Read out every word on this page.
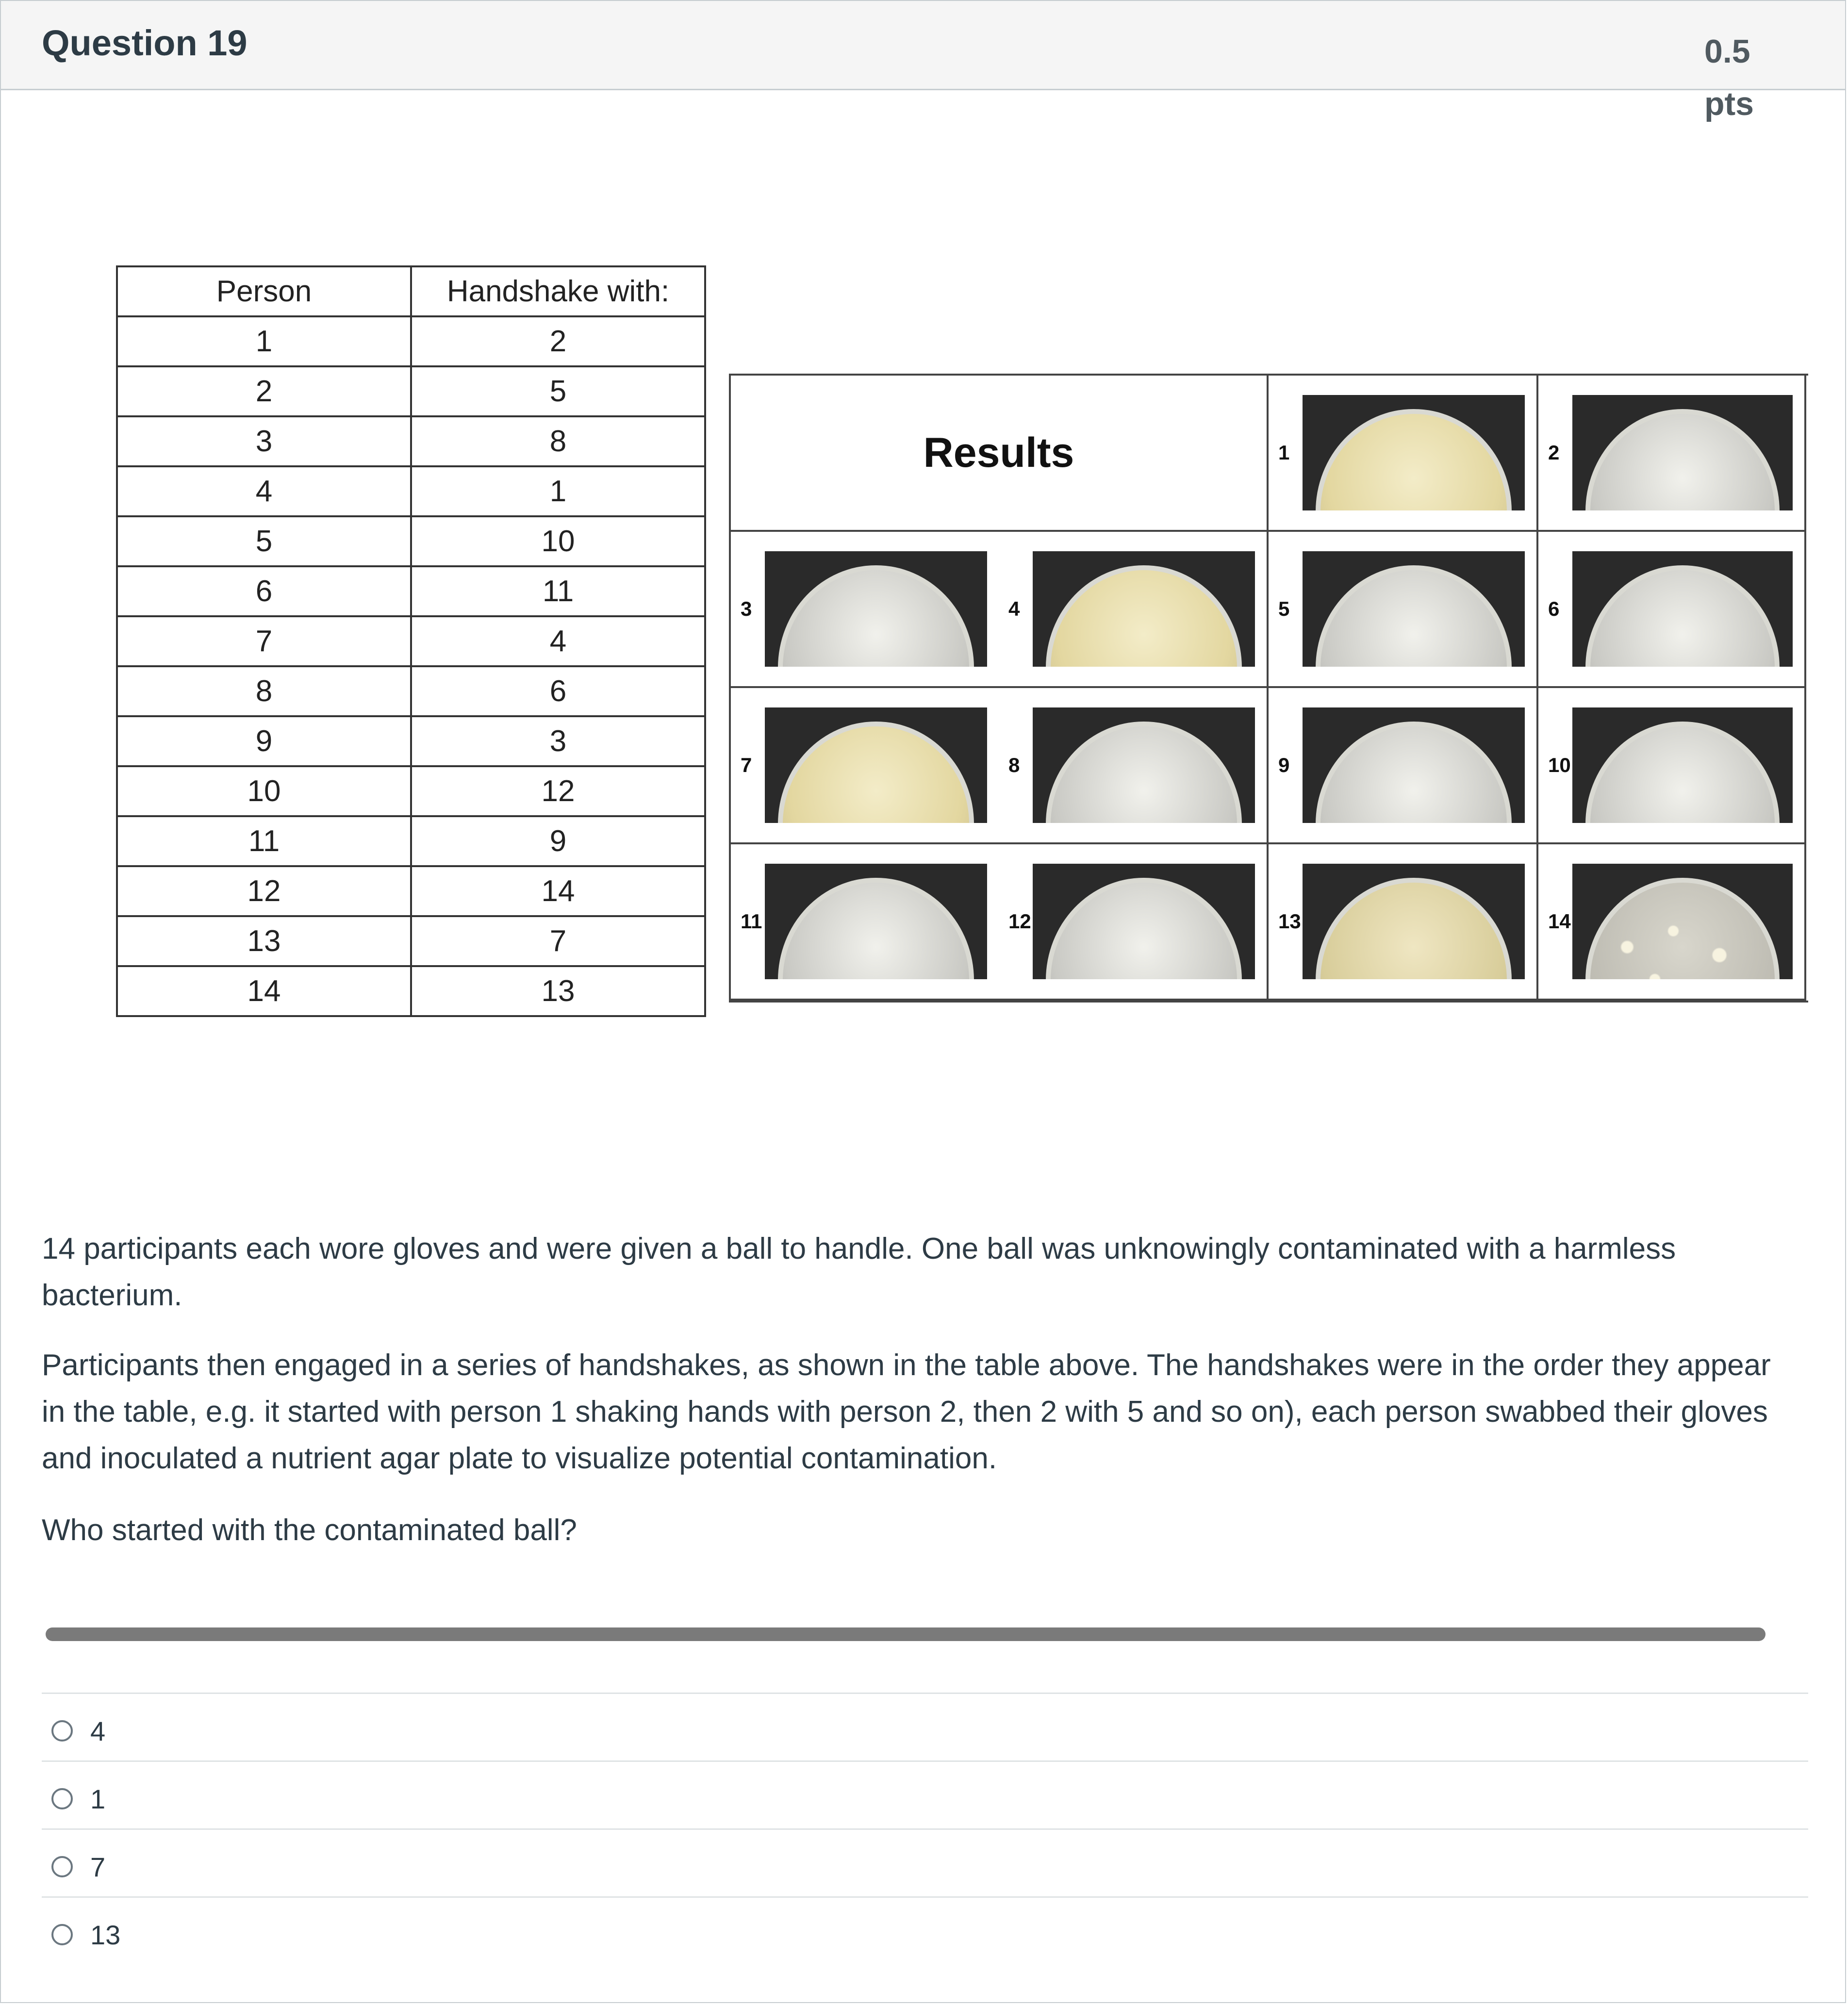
Question 19	0.5
pts
Person	Handshake with:
1	2
2	5
3	8
4	1
5	10
6	11
7	4
8	6
9	3
10	12
11	9
12	14
13	7
14	13
Results	1	2
3	4	5	6
7	8	9	10
11	12	13	14
14 participants each wore gloves and were given a ball to handle. One ball was unknowingly contaminated with a harmless bacterium.
Participants then engaged in a series of handshakes, as shown in the table above. The handshakes were in the order they appear in the table, e.g. it started with person 1 shaking hands with person 2, then 2 with 5 and so on), each person swabbed their gloves and inoculated a nutrient agar plate to visualize potential contamination.
Who started with the contaminated ball?
4
1
7
13
